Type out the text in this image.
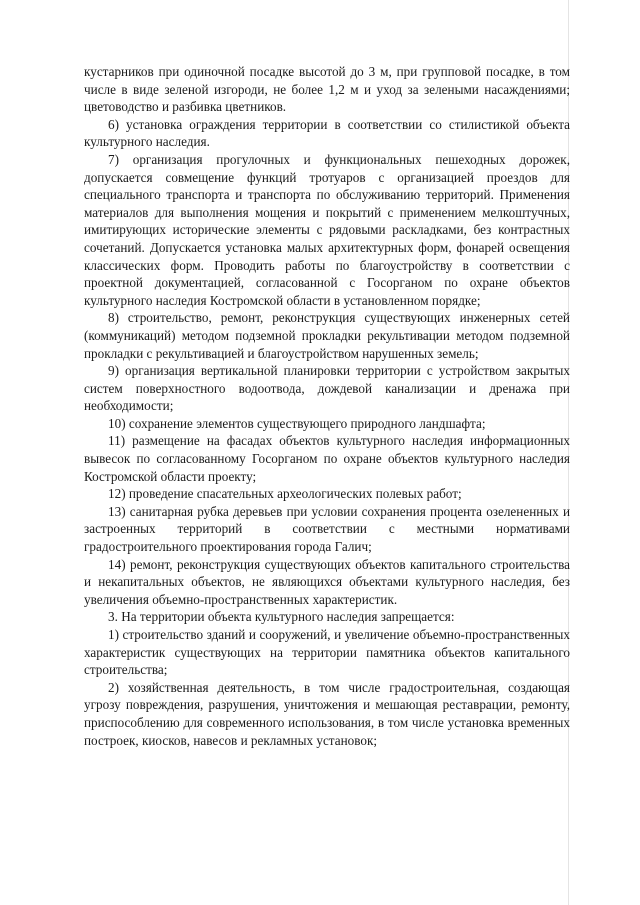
кустарников при одиночной посадке высотой до 3 м, при групповой посадке, в том числе в виде зеленой изгороди, не более 1,2 м и уход за зелеными насаждениями; цветоводство и разбивка цветников.

6) установка ограждения территории в соответствии со стилистикой объекта культурного наследия.

7) организация прогулочных и функциональных пешеходных дорожек, допускается совмещение функций тротуаров с организацией проездов для специального транспорта и транспорта по обслуживанию территорий. Применения материалов для выполнения мощения и покрытий с применением мелкоштучных, имитирующих исторические элементы с рядовыми раскладками, без контрастных сочетаний. Допускается установка малых архитектурных форм, фонарей освещения классических форм. Проводить работы по благоустройству в соответствии с проектной документацией, согласованной с Госорганом по охране объектов культурного наследия Костромской области в установленном порядке;

8) строительство, ремонт, реконструкция существующих инженерных сетей (коммуникаций) методом подземной прокладки рекультивации методом подземной прокладки с рекультивацией и благоустройством нарушенных земель;

9) организация вертикальной планировки территории с устройством закрытых систем поверхностного водоотвода, дождевой канализации и дренажа при необходимости;

10) сохранение элементов существующего природного ландшафта;

11) размещение на фасадах объектов культурного наследия информационных вывесок по согласованному Госорганом по охране объектов культурного наследия Костромской области проекту;

12) проведение спасательных археологических полевых работ;

13) санитарная рубка деревьев при условии сохранения процента озелененных и застроенных территорий в соответствии с местными нормативами градостроительного проектирования города Галич;

14) ремонт, реконструкция существующих объектов капитального строительства и некапитальных объектов, не являющихся объектами культурного наследия, без увеличения объемно-пространственных характеристик.

3. На территории объекта культурного наследия запрещается:

1) строительство зданий и сооружений, и увеличение объемно-пространственных характеристик существующих на территории памятника объектов капитального строительства;

2) хозяйственная деятельность, в том числе градостроительная, создающая угрозу повреждения, разрушения, уничтожения и мешающая реставрации, ремонту, приспособлению для современного использования, в том числе установка временных построек, киосков, навесов и рекламных установок;
